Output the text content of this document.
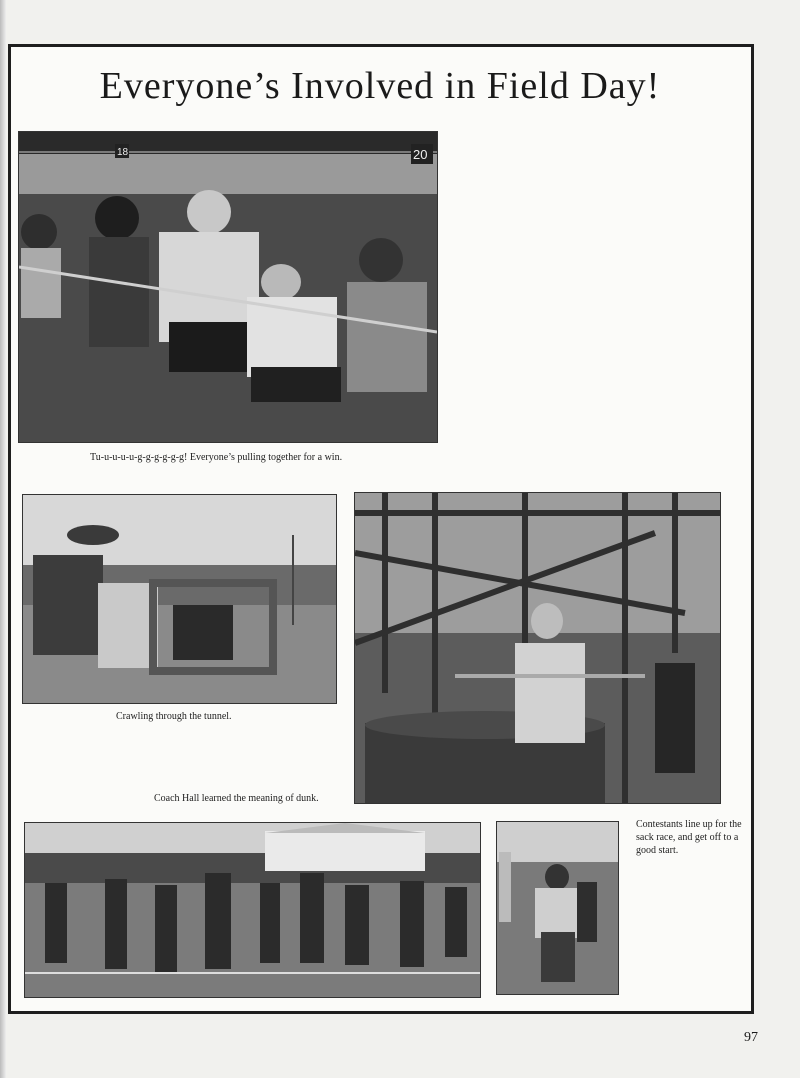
Everyone’s Involved in Field Day!
18	20
Tu-u-u-u-u-g-g-g-g-g-g! Everyone’s pulling together for a win.
Crawling through the tunnel.
Coach Hall learned the meaning of dunk.
Contestants line up for the sack race, and get off to a good start.
97
